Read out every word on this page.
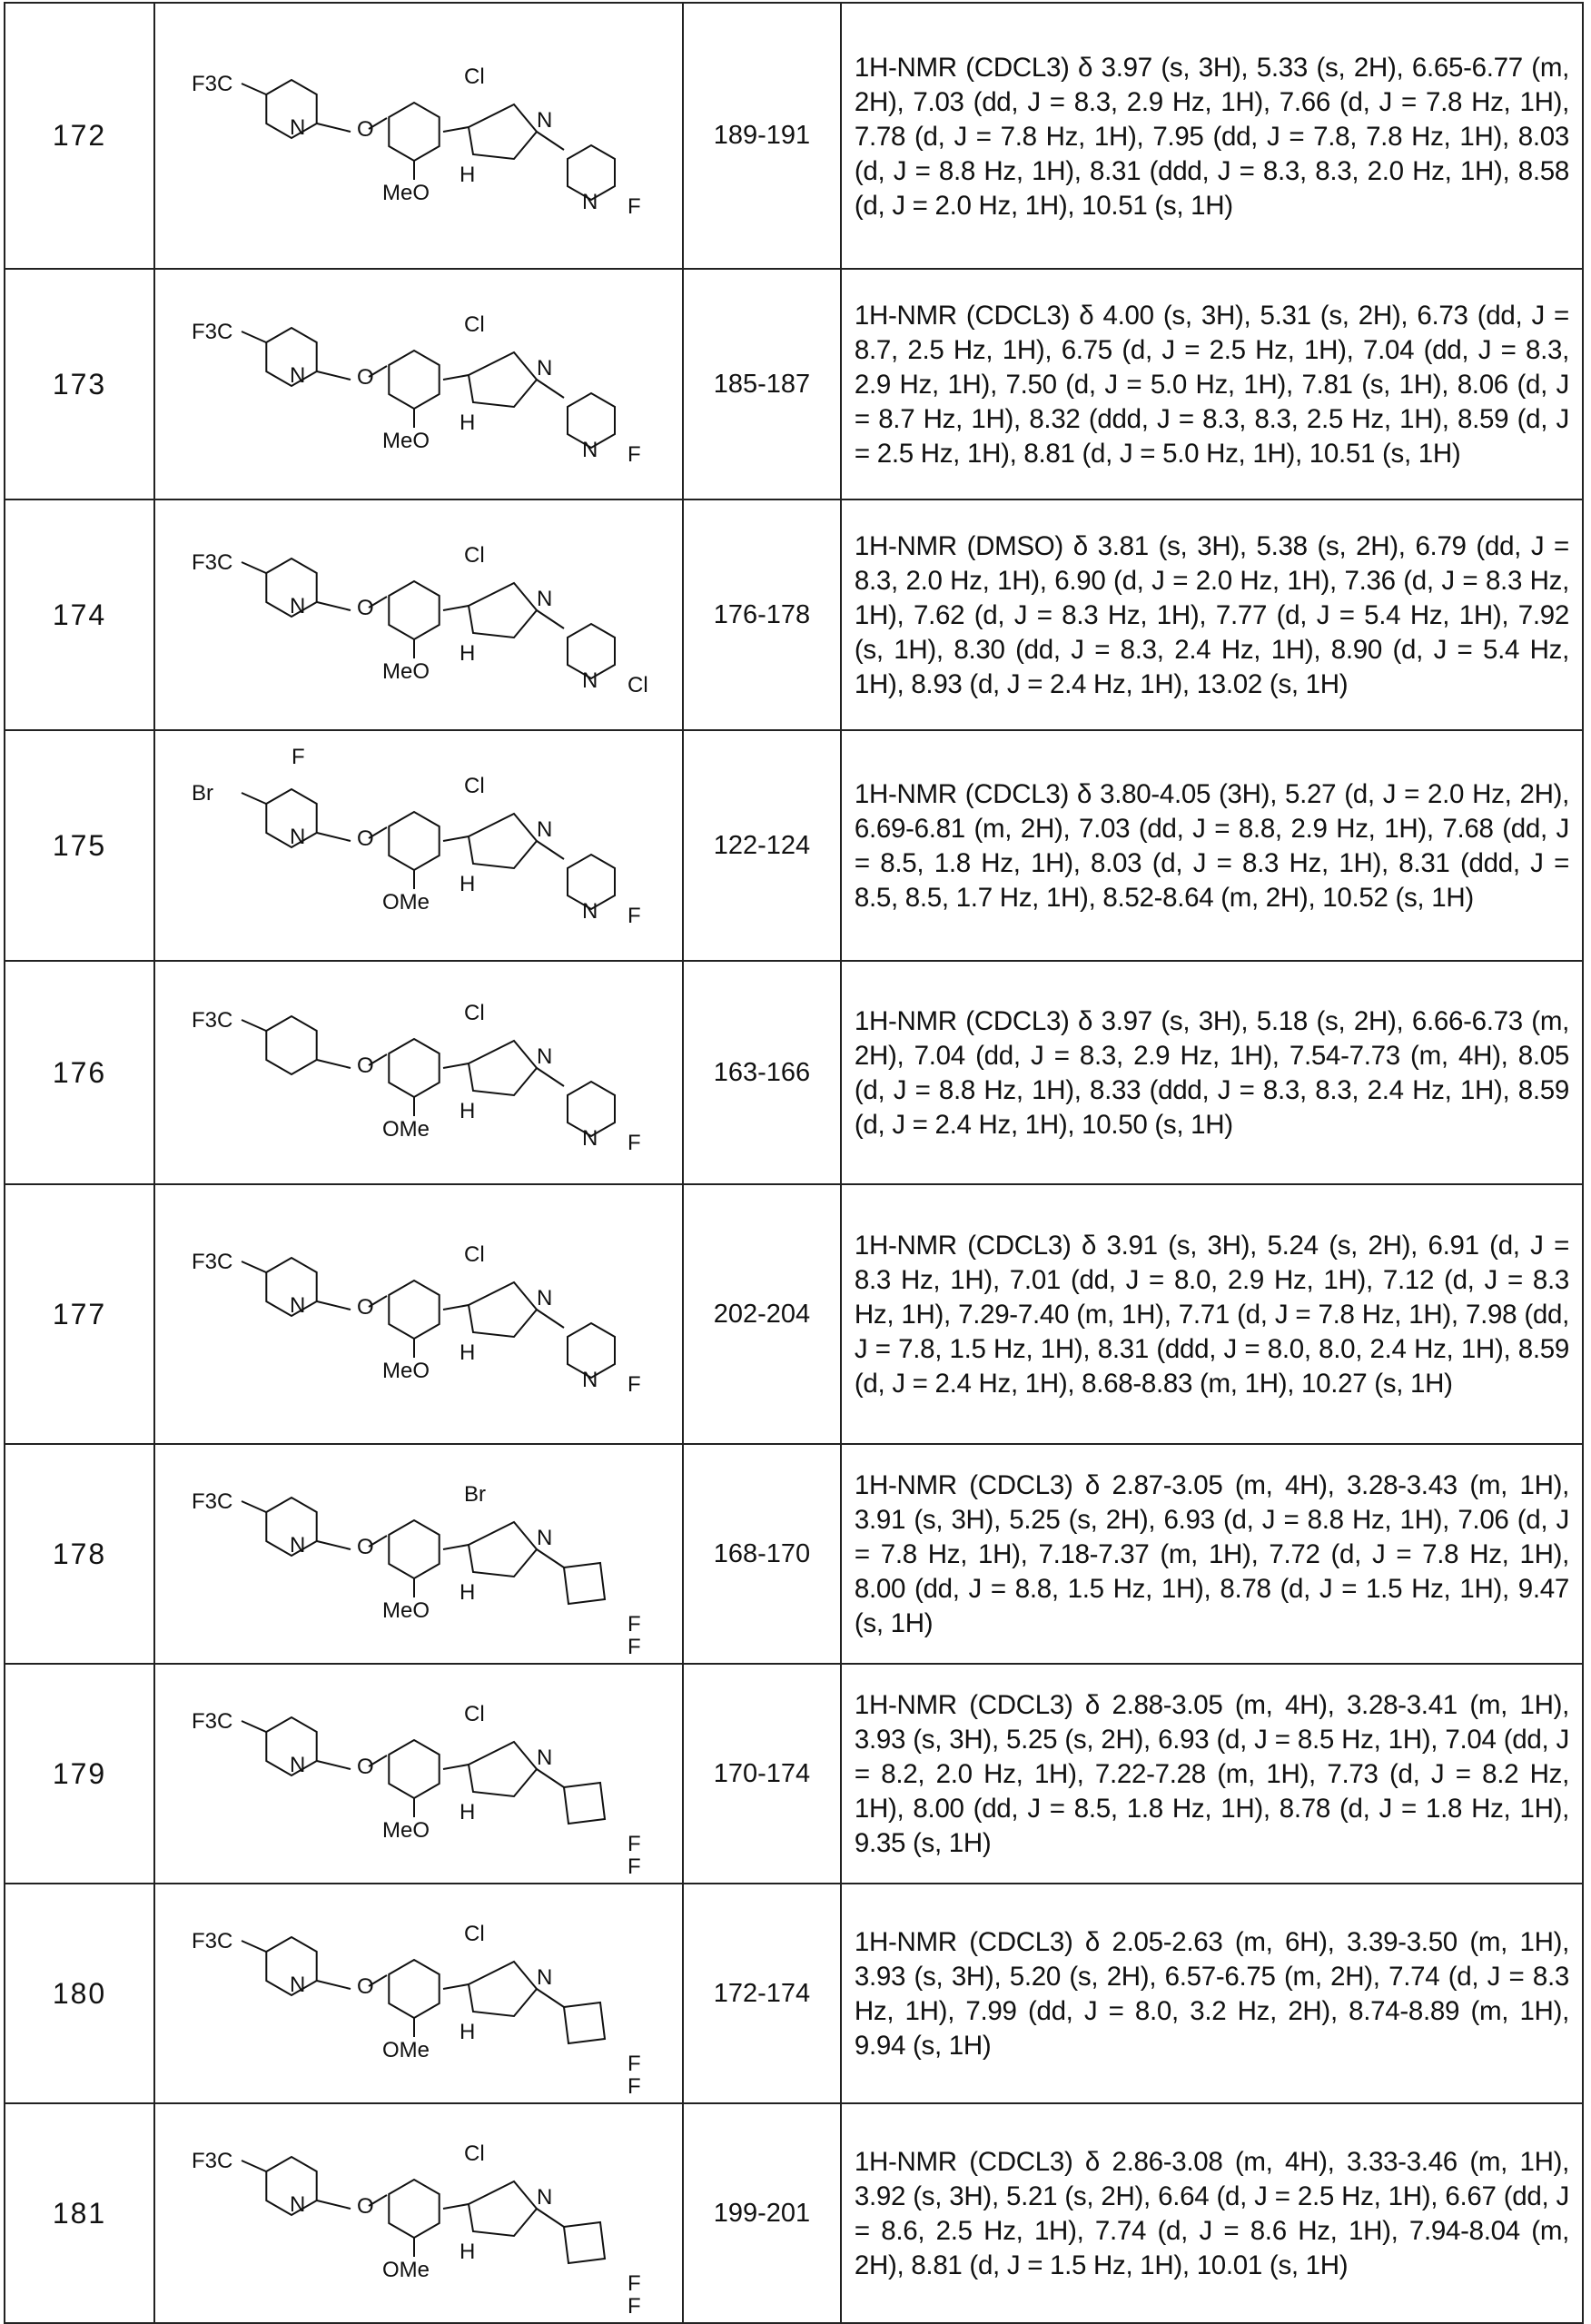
172	
F3C
N O
Cl
MeO
N
H
N F
	189-191	1H-NMR (CDCL3) δ 3.97 (s, 3H), 5.33 (s, 2H), 6.65-6.77 (m, 2H), 7.03 (dd, J = 8.3, 2.9 Hz, 1H), 7.66 (d, J = 7.8 Hz, 1H), 7.78 (d, J = 7.8 Hz, 1H), 7.95 (dd, J = 7.8, 7.8 Hz, 1H), 8.03 (d, J = 8.8 Hz, 1H), 8.31 (ddd, J = 8.3, 8.3, 2.0 Hz, 1H), 8.58 (d, J = 2.0 Hz, 1H), 10.51 (s, 1H)
173	
F3C
N O
Cl
MeO
N
H
N F
	185-187	1H-NMR (CDCL3) δ 4.00 (s, 3H), 5.31 (s, 2H), 6.73 (dd, J = 8.7, 2.5 Hz, 1H), 6.75 (d, J = 2.5 Hz, 1H), 7.04 (dd, J = 8.3, 2.9 Hz, 1H), 7.50 (d, J = 5.0 Hz, 1H), 7.81 (s, 1H), 8.06 (d, J = 8.7 Hz, 1H), 8.32 (ddd, J = 8.3, 8.3, 2.5 Hz, 1H), 8.59 (d, J = 2.5 Hz, 1H), 8.81 (d, J = 5.0 Hz, 1H), 10.51 (s, 1H)
174	
F3C
N O
Cl
MeO
N
H
N Cl
	176-178	1H-NMR (DMSO) δ 3.81 (s, 3H), 5.38 (s, 2H), 6.79 (dd, J = 8.3, 2.0 Hz, 1H), 6.90 (d, J = 2.0 Hz, 1H), 7.36 (d, J = 8.3 Hz, 1H), 7.62 (d, J = 8.3 Hz, 1H), 7.77 (d, J = 5.4 Hz, 1H), 7.92 (s, 1H), 8.30 (dd, J = 8.3, 2.4 Hz, 1H), 8.90 (d, J = 5.4 Hz, 1H), 8.93 (d, J = 2.4 Hz, 1H), 13.02 (s, 1H)
175	
Br
F
N O
Cl
OMe
N
H
N F
	122-124	1H-NMR (CDCL3) δ 3.80-4.05 (3H), 5.27 (d, J = 2.0 Hz, 2H), 6.69-6.81 (m, 2H), 7.03 (dd, J = 8.8, 2.9 Hz, 1H), 7.68 (dd, J = 8.5, 1.8 Hz, 1H), 8.03 (d, J = 8.3 Hz, 1H), 8.31 (ddd, J = 8.5, 8.5, 1.7 Hz, 1H), 8.52-8.64 (m, 2H), 10.52 (s, 1H)
176	
F3C
O
Cl
OMe
N
H
N F
	163-166	1H-NMR (CDCL3) δ 3.97 (s, 3H), 5.18 (s, 2H), 6.66-6.73 (m, 2H), 7.04 (dd, J = 8.3, 2.9 Hz, 1H), 7.54-7.73 (m, 4H), 8.05 (d, J = 8.8 Hz, 1H), 8.33 (ddd, J = 8.3, 8.3, 2.4 Hz, 1H), 8.59 (d, J = 2.4 Hz, 1H), 10.50 (s, 1H)
177	
F3C
N O
Cl
MeO
N
H
N F
	202-204	1H-NMR (CDCL3) δ 3.91 (s, 3H), 5.24 (s, 2H), 6.91 (d, J = 8.3 Hz, 1H), 7.01 (dd, J = 8.0, 2.9 Hz, 1H), 7.12 (d, J = 8.3 Hz, 1H), 7.29-7.40 (m, 1H), 7.71 (d, J = 7.8 Hz, 1H), 7.98 (dd, J = 7.8, 1.5 Hz, 1H), 8.31 (ddd, J = 8.0, 8.0, 2.4 Hz, 1H), 8.59 (d, J = 2.4 Hz, 1H), 8.68-8.83 (m, 1H), 10.27 (s, 1H)
178	
F3C
N O
Br
MeO
N
H
F
F
	168-170	1H-NMR (CDCL3) δ 2.87-3.05 (m, 4H), 3.28-3.43 (m, 1H), 3.91 (s, 3H), 5.25 (s, 2H), 6.93 (d, J = 8.8 Hz, 1H), 7.06 (d, J = 7.8 Hz, 1H), 7.18-7.37 (m, 1H), 7.72 (d, J = 7.8 Hz, 1H), 8.00 (dd, J = 8.8, 1.5 Hz, 1H), 8.78 (d, J = 1.5 Hz, 1H), 9.47 (s, 1H)
179	
F3C
N O
Cl
MeO
N
H
F
F
	170-174	1H-NMR (CDCL3) δ 2.88-3.05 (m, 4H), 3.28-3.41 (m, 1H), 3.93 (s, 3H), 5.25 (s, 2H), 6.93 (d, J = 8.5 Hz, 1H), 7.04 (dd, J = 8.2, 2.0 Hz, 1H), 7.22-7.28 (m, 1H), 7.73 (d, J = 8.2 Hz, 1H), 8.00 (dd, J = 8.5, 1.8 Hz, 1H), 8.78 (d, J = 1.8 Hz, 1H), 9.35 (s, 1H)
180	
F3C
N O
Cl
OMe
N
H
F
F
	172-174	1H-NMR (CDCL3) δ 2.05-2.63 (m, 6H), 3.39-3.50 (m, 1H), 3.93 (s, 3H), 5.20 (s, 2H), 6.57-6.75 (m, 2H), 7.74 (d, J = 8.3 Hz, 1H), 7.99 (dd, J = 8.0, 3.2 Hz, 2H), 8.74-8.89 (m, 1H), 9.94 (s, 1H)
181	
F3C
N O
Cl
OMe
N
H
F
F
	199-201	1H-NMR (CDCL3) δ 2.86-3.08 (m, 4H), 3.33-3.46 (m, 1H), 3.92 (s, 3H), 5.21 (s, 2H), 6.64 (d, J = 2.5 Hz, 1H), 6.67 (dd, J = 8.6, 2.5 Hz, 1H), 7.74 (d, J = 8.6 Hz, 1H), 7.94-8.04 (m, 2H), 8.81 (d, J = 1.5 Hz, 1H), 10.01 (s, 1H)
